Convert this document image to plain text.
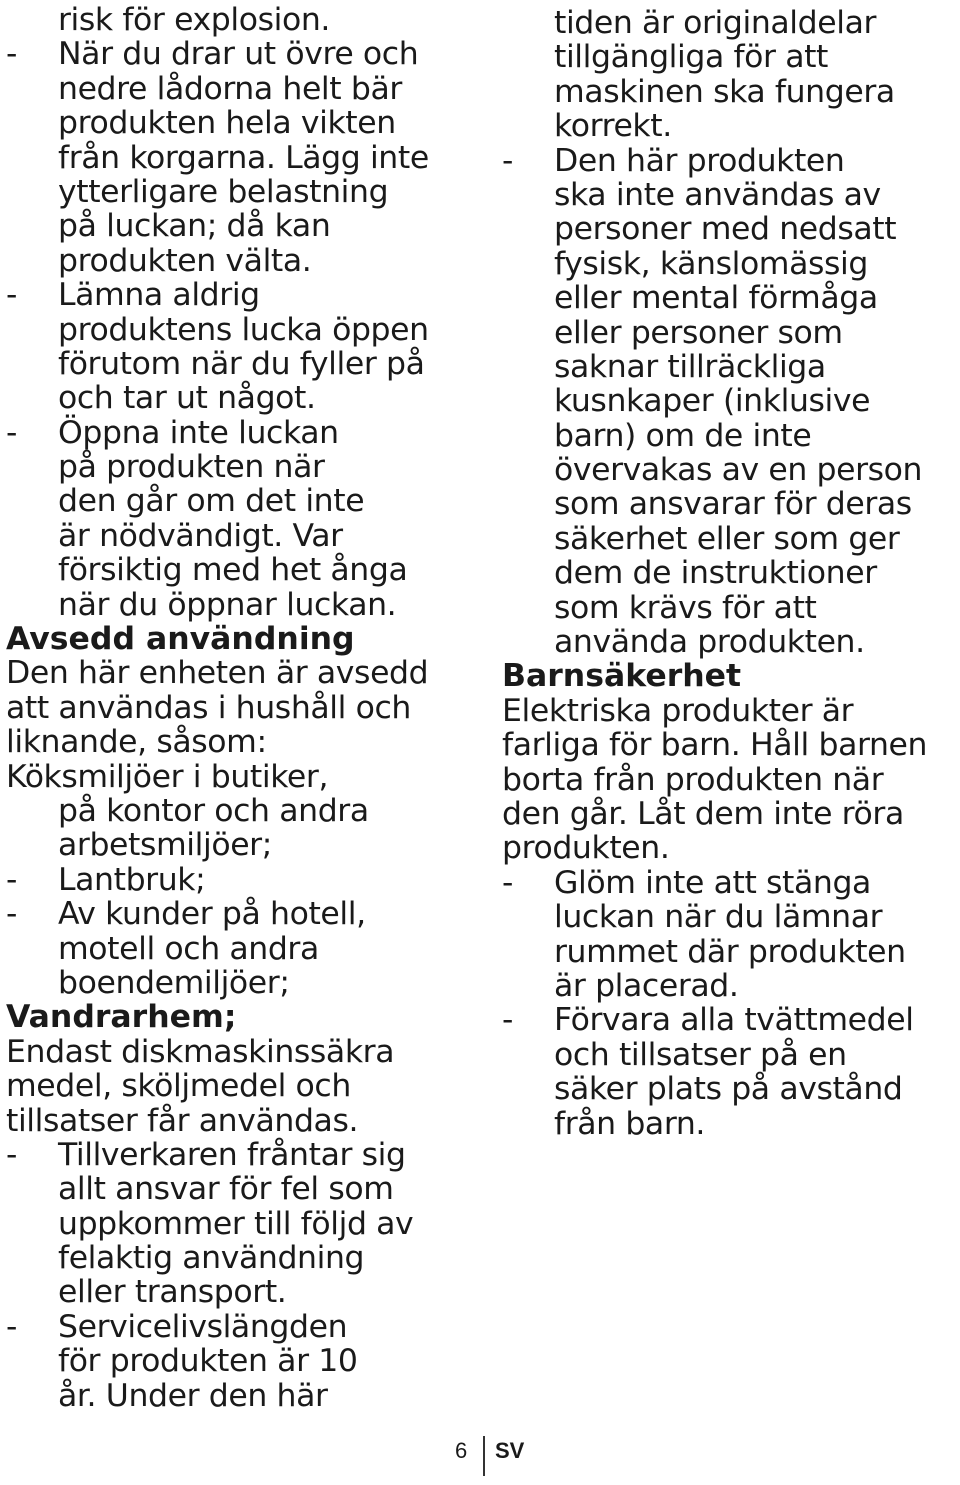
risk för explosion.
-	När du drar ut övre och
nedre lådorna helt bär
produkten hela vikten
från korgarna. Lägg inte
ytterligare belastning
på luckan; då kan
produkten välta.
-	Lämna aldrig
produktens lucka öppen
förutom när du fyller på
och tar ut något.
-	Öppna inte luckan
på produkten när
den går om det inte
är nödvändigt. Var
försiktig med het ånga
när du öppnar luckan.
Avsedd användning
Den här enheten är avsedd
att användas i hushåll och
liknande, såsom:
Köksmiljöer i butiker,
på kontor och andra
arbetsmiljöer;
-	Lantbruk;
-	Av kunder på hotell,
motell och andra
boendemiljöer;
Vandrarhem;
Endast diskmaskinssäkra
medel, sköljmedel och
tillsatser får användas.
-	Tillverkaren fråntar sig
allt ansvar för fel som
uppkommer till följd av
felaktig användning
eller transport.
-	Servicelivslängden
för produkten är 10
år. Under den här
tiden är originaldelar
tillgängliga för att
maskinen ska fungera
korrekt.
-	Den här produkten
ska inte användas av
personer med nedsatt
fysisk, känslomässig
eller mental förmåga
eller personer som
saknar tillräckliga
kusnkaper (inklusive
barn) om de inte
övervakas av en person
som ansvarar för deras
säkerhet eller som ger
dem de instruktioner
som krävs för att
använda produkten.
Barnsäkerhet
Elektriska produkter är
farliga för barn. Håll barnen
borta från produkten när
den går. Låt dem inte röra
produkten.
-	Glöm inte att stänga
luckan när du lämnar
rummet där produkten
är placerad.
-	Förvara alla tvättmedel
och tillsatser på en
säker plats på avstånd
från barn.
6 SV
